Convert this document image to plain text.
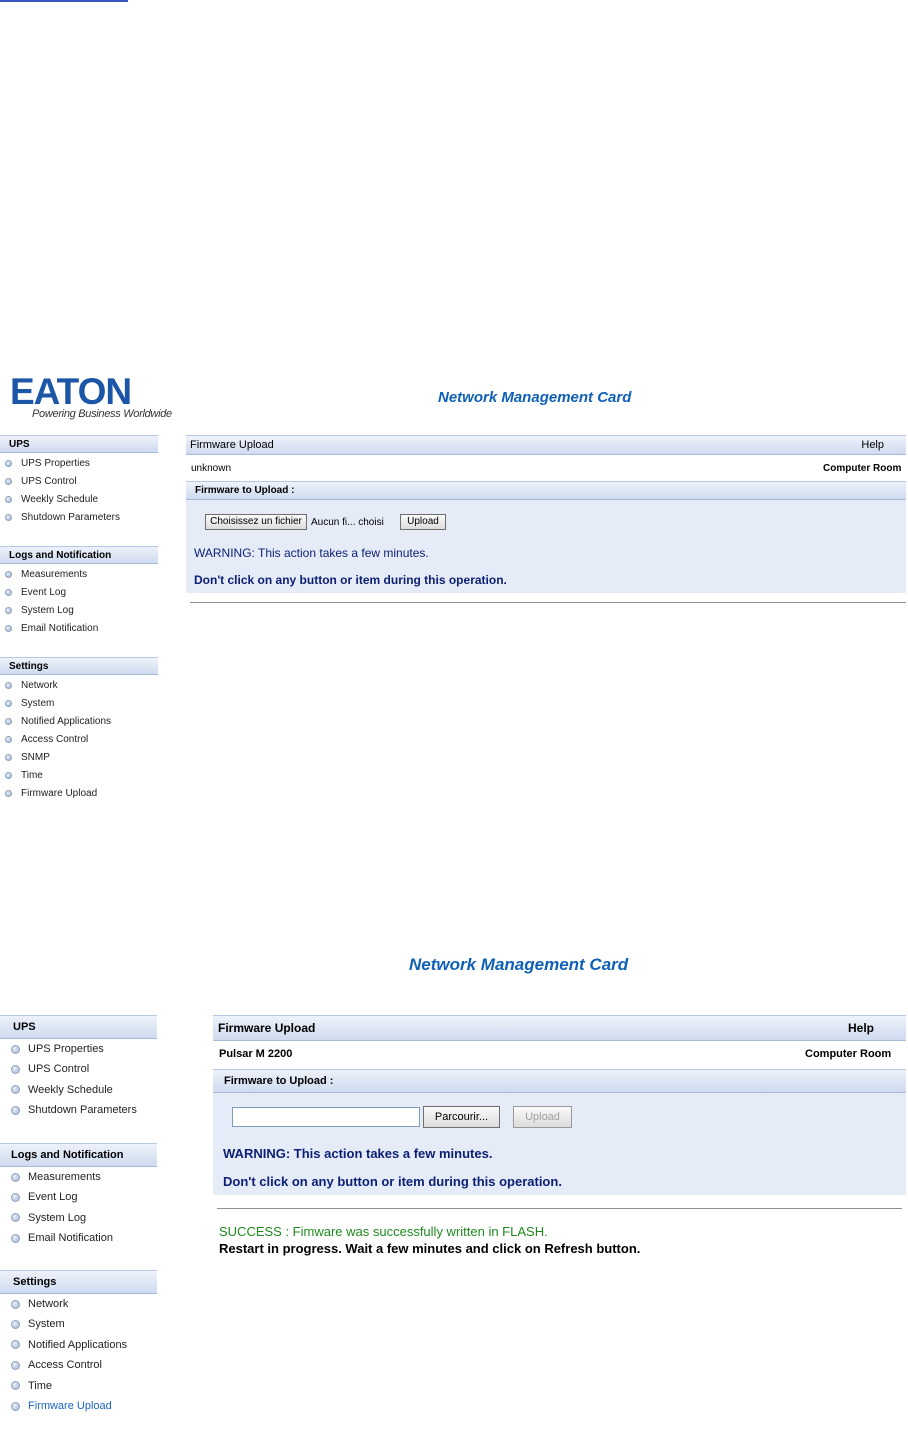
EATON
Powering Business Worldwide
Network Management Card
UPS
UPS Properties
UPS Control
Weekly Schedule
Shutdown Parameters
Logs and Notification
Measurements
Event Log
System Log
Email Notification
Settings
Network
System
Notified Applications
Access Control
SNMP
Time
Firmware Upload
Firmware Upload	Help
unknown	Computer Room
Firmware to Upload :
Choisissez un fichier Aucun fi... choisi	Upload
WARNING: This action takes a few minutes.
Don't click on any button or item during this operation.
Network Management Card
UPS
UPS Properties
UPS Control
Weekly Schedule
Shutdown Parameters
Logs and Notification
Measurements
Event Log
System Log
Email Notification
Settings
Network
System
Notified Applications
Access Control
Time
Firmware Upload
Firmware Upload	Help
Pulsar M 2200	Computer Room
Firmware to Upload :
Parcourir...	Upload
WARNING: This action takes a few minutes.
Don't click on any button or item during this operation.
SUCCESS : Fimware was successfully written in FLASH.
Restart in progress. Wait a few minutes and click on Refresh button.
